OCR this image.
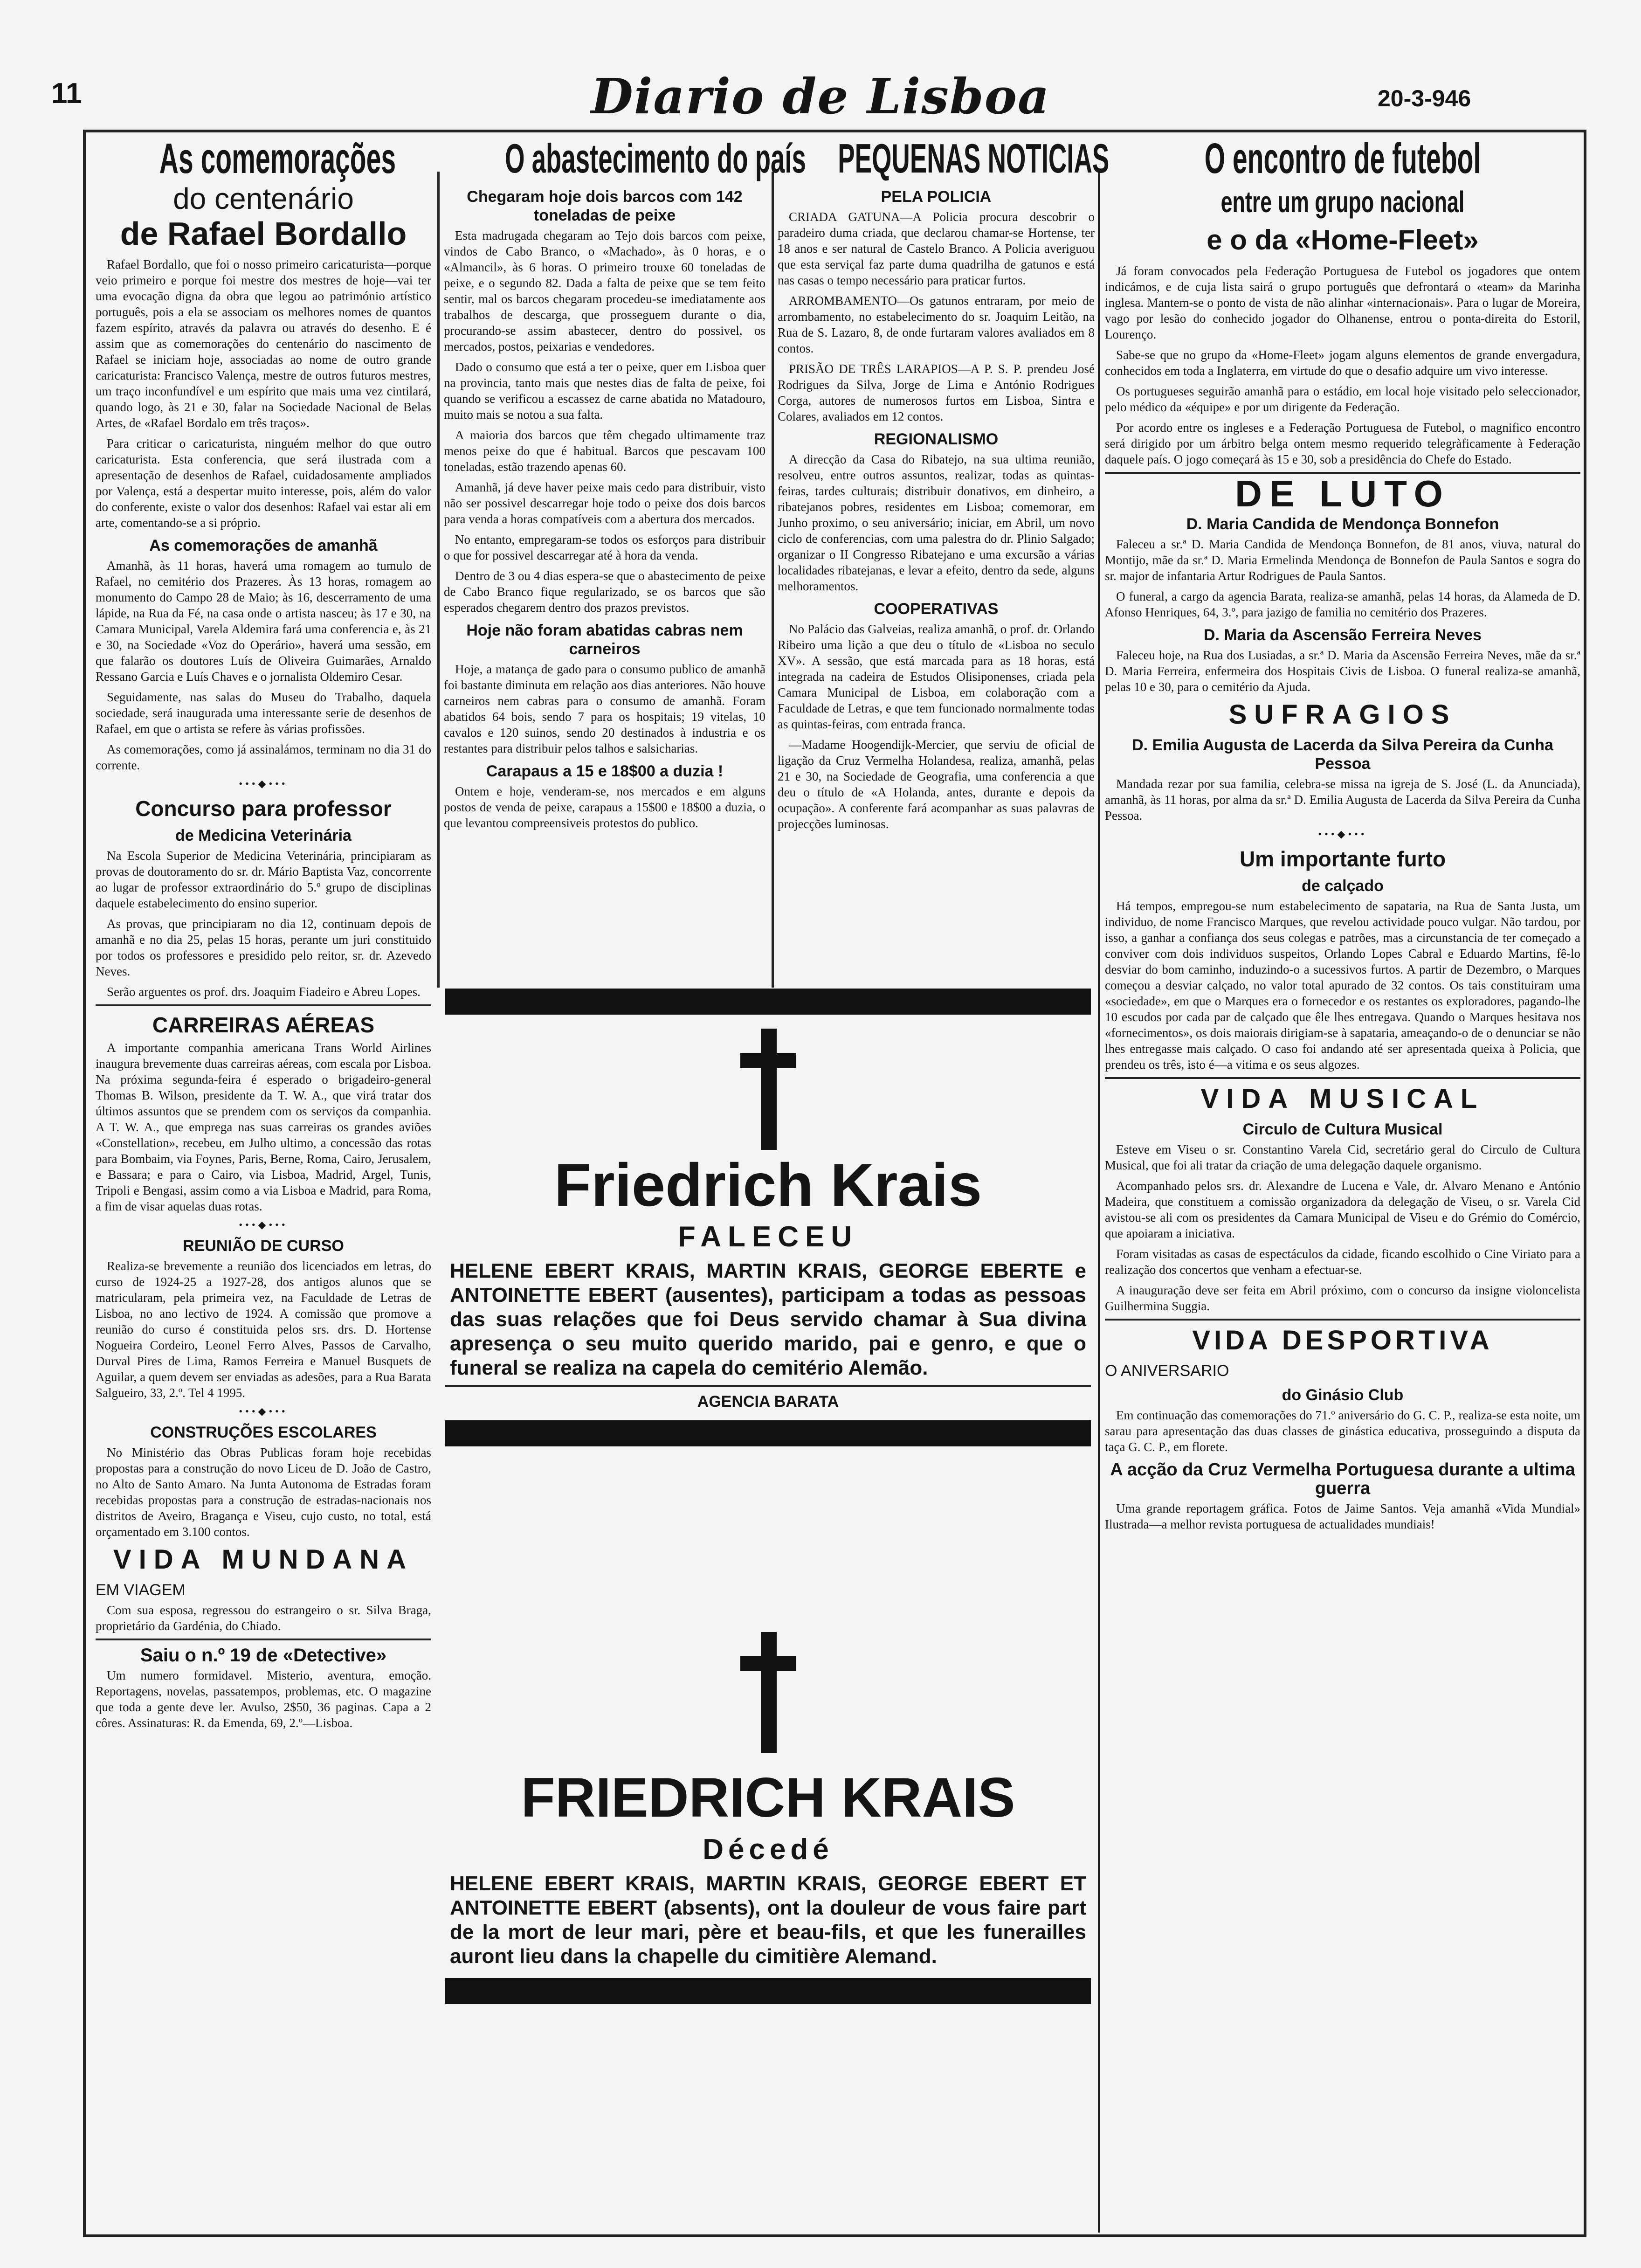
11	Diario de Lisboa	20-3-946
As comemorações
do centenário
de Rafael Bordallo

Rafael Bordallo, que foi o nosso primeiro caricaturista—porque veio primeiro e porque foi mestre dos mestres de hoje—vai ter uma evocação digna da obra que legou ao património artístico português, pois a ela se associam os melhores nomes de quantos fazem espírito, através da palavra ou através do desenho. E é assim que as comemorações do centenário do nascimento de Rafael se iniciam hoje, associadas ao nome de outro grande caricaturista: Francisco Valença, mestre de outros futuros mestres, um traço inconfundível e um espírito que mais uma vez cintilará, quando logo, às 21 e 30, falar na Sociedade Nacional de Belas Artes, de «Rafael Bordalo em três traços».

Para criticar o caricaturista, ninguém melhor do que outro caricaturista. Esta conferencia, que será ilustrada com a apresentação de desenhos de Rafael, cuidadosamente ampliados por Valença, está a despertar muito interesse, pois, além do valor do conferente, existe o valor dos desenhos: Rafael vai estar ali em arte, comentando-se a si próprio.

As comemorações de amanhã

Amanhã, às 11 horas, haverá uma romagem ao tumulo de Rafael, no cemitério dos Prazeres. Às 13 horas, romagem ao monumento do Campo 28 de Maio; às 16, descerramento de uma lápide, na Rua da Fé, na casa onde o artista nasceu; às 17 e 30, na Camara Municipal, Varela Aldemira fará uma conferencia e, às 21 e 30, na Sociedade «Voz do Operário», haverá uma sessão, em que falarão os doutores Luís de Oliveira Guimarães, Arnaldo Ressano Garcia e Luís Chaves e o jornalista Oldemiro Cesar.

Seguidamente, nas salas do Museu do Trabalho, daquela sociedade, será inaugurada uma interessante serie de desenhos de Rafael, em que o artista se refere às várias profissões.

As comemorações, como já assinalámos, terminam no dia 31 do corrente.

•••◆•••
Concurso para professor
de Medicina Veterinária

Na Escola Superior de Medicina Veterinária, principiaram as provas de doutoramento do sr. dr. Mário Baptista Vaz, concorrente ao lugar de professor extraordinário do 5.º grupo de disciplinas daquele estabelecimento do ensino superior.

As provas, que principiaram no dia 12, continuam depois de amanhã e no dia 25, pelas 15 horas, perante um juri constituido por todos os professores e presidido pelo reitor, sr. dr. Azevedo Neves.

Serão arguentes os prof. drs. Joaquim Fiadeiro e Abreu Lopes.

CARREIRAS AÉREAS

A importante companhia americana Trans World Airlines inaugura brevemente duas carreiras aéreas, com escala por Lisboa. Na próxima segunda-feira é esperado o brigadeiro-general Thomas B. Wilson, presidente da T. W. A., que virá tratar dos últimos assuntos que se prendem com os serviços da companhia. A T. W. A., que emprega nas suas carreiras os grandes aviões «Constellation», recebeu, em Julho ultimo, a concessão das rotas para Bombaim, via Foynes, Paris, Berne, Roma, Cairo, Jerusalem, e Bassara; e para o Cairo, via Lisboa, Madrid, Argel, Tunis, Tripoli e Bengasi, assim como a via Lisboa e Madrid, para Roma, a fim de visar aquelas duas rotas.

•••◆•••
REUNIÃO DE CURSO

Realiza-se brevemente a reunião dos licenciados em letras, do curso de 1924-25 a 1927-28, dos antigos alunos que se matricularam, pela primeira vez, na Faculdade de Letras de Lisboa, no ano lectivo de 1924. A comissão que promove a reunião do curso é constituida pelos srs. drs. D. Hortense Nogueira Cordeiro, Leonel Ferro Alves, Passos de Carvalho, Durval Pires de Lima, Ramos Ferreira e Manuel Busquets de Aguilar, a quem devem ser enviadas as adesões, para a Rua Barata Salgueiro, 33, 2.º. Tel 4 1995.

•••◆•••
CONSTRUÇÕES ESCOLARES

No Ministério das Obras Publicas foram hoje recebidas propostas para a construção do novo Liceu de D. João de Castro, no Alto de Santo Amaro. Na Junta Autonoma de Estradas foram recebidas propostas para a construção de estradas-nacionais nos distritos de Aveiro, Bragança e Viseu, cujo custo, no total, está orçamentado em 3.100 contos.

VIDA MUNDANA
EM VIAGEM

Com sua esposa, regressou do estrangeiro o sr. Silva Braga, proprietário da Gardénia, do Chiado.

Saiu o n.º 19 de «Detective»

Um numero formidavel. Misterio, aventura, emoção. Reportagens, novelas, passatempos, problemas, etc. O magazine que toda a gente deve ler. Avulso, 2$50, 36 paginas. Capa a 2 côres. Assinaturas: R. da Emenda, 69, 2.º—Lisboa.

O abastecimento do país
Chegaram hoje dois barcos com 142 toneladas de peixe

Esta madrugada chegaram ao Tejo dois barcos com peixe, vindos de Cabo Branco, o «Machado», às 0 horas, e o «Almancil», às 6 horas. O primeiro trouxe 60 toneladas de peixe, e o segundo 82. Dada a falta de peixe que se tem feito sentir, mal os barcos chegaram procedeu-se imediatamente aos trabalhos de descarga, que prosseguem durante o dia, procurando-se assim abastecer, dentro do possivel, os mercados, postos, peixarias e vendedores.

Dado o consumo que está a ter o peixe, quer em Lisboa quer na provincia, tanto mais que nestes dias de falta de peixe, foi quando se verificou a escassez de carne abatida no Matadouro, muito mais se notou a sua falta.

A maioria dos barcos que têm chegado ultimamente traz menos peixe do que é habitual. Barcos que pescavam 100 toneladas, estão trazendo apenas 60.

Amanhã, já deve haver peixe mais cedo para distribuir, visto não ser possivel descarregar hoje todo o peixe dos dois barcos para venda a horas compatíveis com a abertura dos mercados.

No entanto, empregaram-se todos os esforços para distribuir o que for possivel descarregar até à hora da venda.

Dentro de 3 ou 4 dias espera-se que o abastecimento de peixe de Cabo Branco fique regularizado, se os barcos que são esperados chegarem dentro dos prazos previstos.

Hoje não foram abatidas cabras nem carneiros

Hoje, a matança de gado para o consumo publico de amanhã foi bastante diminuta em relação aos dias anteriores. Não houve carneiros nem cabras para o consumo de amanhã. Foram abatidos 64 bois, sendo 7 para os hospitais; 19 vitelas, 10 cavalos e 120 suinos, sendo 20 destinados à industria e os restantes para distribuir pelos talhos e salsicharias.

Carapaus a 15 e 18$00 a duzia !

Ontem e hoje, venderam-se, nos mercados e em alguns postos de venda de peixe, carapaus a 15$00 e 18$00 a duzia, o que levantou compreensiveis protestos do publico.

PEQUENAS NOTICIAS
PELA POLICIA

CRIADA GATUNA—A Policia procura descobrir o paradeiro duma criada, que declarou chamar-se Hortense, ter 18 anos e ser natural de Castelo Branco. A Policia averiguou que esta serviçal faz parte duma quadrilha de gatunos e está nas casas o tempo necessário para praticar furtos.

ARROMBAMENTO—Os gatunos entraram, por meio de arrombamento, no estabelecimento do sr. Joaquim Leitão, na Rua de S. Lazaro, 8, de onde furtaram valores avaliados em 8 contos.

PRISÃO DE TRÊS LARAPIOS—A P. S. P. prendeu José Rodrigues da Silva, Jorge de Lima e António Rodrigues Corga, autores de numerosos furtos em Lisboa, Sintra e Colares, avaliados em 12 contos.

REGIONALISMO

A direcção da Casa do Ribatejo, na sua ultima reunião, resolveu, entre outros assuntos, realizar, todas as quintas-feiras, tardes culturais; distribuir donativos, em dinheiro, a ribatejanos pobres, residentes em Lisboa; comemorar, em Junho proximo, o seu aniversário; iniciar, em Abril, um novo ciclo de conferencias, com uma palestra do dr. Plinio Salgado; organizar o II Congresso Ribatejano e uma excursão a várias localidades ribatejanas, e levar a efeito, dentro da sede, alguns melhoramentos.

COOPERATIVAS

No Palácio das Galveias, realiza amanhã, o prof. dr. Orlando Ribeiro uma lição a que deu o título de «Lisboa no seculo XV». A sessão, que está marcada para as 18 horas, está integrada na cadeira de Estudos Olisiponenses, criada pela Camara Municipal de Lisboa, em colaboração com a Faculdade de Letras, e que tem funcionado normalmente todas as quintas-feiras, com entrada franca.

—Madame Hoogendijk-Mercier, que serviu de oficial de ligação da Cruz Vermelha Holandesa, realiza, amanhã, pelas 21 e 30, na Sociedade de Geografia, uma conferencia a que deu o título de «A Holanda, antes, durante e depois da ocupação». A conferente fará acompanhar as suas palavras de projecções luminosas.

O encontro de futebol
entre um grupo nacional
e o da «Home-Fleet»

Já foram convocados pela Federação Portuguesa de Futebol os jogadores que ontem indicámos, e de cuja lista sairá o grupo português que defrontará o «team» da Marinha inglesa. Mantem-se o ponto de vista de não alinhar «internacionais». Para o lugar de Moreira, vago por lesão do conhecido jogador do Olhanense, entrou o ponta-direita do Estoril, Lourenço.

Sabe-se que no grupo da «Home-Fleet» jogam alguns elementos de grande envergadura, conhecidos em toda a Inglaterra, em virtude do que o desafio adquire um vivo interesse.

Os portugueses seguirão amanhã para o estádio, em local hoje visitado pelo seleccionador, pelo médico da «équipe» e por um dirigente da Federação.

Por acordo entre os ingleses e a Federação Portuguesa de Futebol, o magnifico encontro será dirigido por um árbitro belga ontem mesmo requerido telegràficamente à Federação daquele país. O jogo começará às 15 e 30, sob a presidência do Chefe do Estado.

DE LUTO
D. Maria Candida de Mendonça Bonnefon

Faleceu a sr.ª D. Maria Candida de Mendonça Bonnefon, de 81 anos, viuva, natural do Montijo, mãe da sr.ª D. Maria Ermelinda Mendonça de Bonnefon de Paula Santos e sogra do sr. major de infantaria Artur Rodrigues de Paula Santos.

O funeral, a cargo da agencia Barata, realiza-se amanhã, pelas 14 horas, da Alameda de D. Afonso Henriques, 64, 3.º, para jazigo de familia no cemitério dos Prazeres.

D. Maria da Ascensão Ferreira Neves

Faleceu hoje, na Rua dos Lusiadas, a sr.ª D. Maria da Ascensão Ferreira Neves, mãe da sr.ª D. Maria Ferreira, enfermeira dos Hospitais Civis de Lisboa. O funeral realiza-se amanhã, pelas 10 e 30, para o cemitério da Ajuda.

SUFRAGIOS
D. Emilia Augusta de Lacerda da Silva Pereira da Cunha Pessoa

Mandada rezar por sua familia, celebra-se missa na igreja de S. José (L. da Anunciada), amanhã, às 11 horas, por alma da sr.ª D. Emilia Augusta de Lacerda da Silva Pereira da Cunha Pessoa.

•••◆•••
Um importante furto
de calçado

Há tempos, empregou-se num estabelecimento de sapataria, na Rua de Santa Justa, um individuo, de nome Francisco Marques, que revelou actividade pouco vulgar. Não tardou, por isso, a ganhar a confiança dos seus colegas e patrões, mas a circunstancia de ter começado a conviver com dois individuos suspeitos, Orlando Lopes Cabral e Eduardo Martins, fê-lo desviar do bom caminho, induzindo-o a sucessivos furtos. A partir de Dezembro, o Marques começou a desviar calçado, no valor total apurado de 32 contos. Os tais constituiram uma «sociedade», em que o Marques era o fornecedor e os restantes os exploradores, pagando-lhe 10 escudos por cada par de calçado que êle lhes entregava. Quando o Marques hesitava nos «fornecimentos», os dois maiorais dirigiam-se à sapataria, ameaçando-o de o denunciar se não lhes entregasse mais calçado. O caso foi andando até ser apresentada queixa à Policia, que prendeu os três, isto é—a vitima e os seus algozes.

VIDA MUSICAL
Circulo de Cultura Musical

Esteve em Viseu o sr. Constantino Varela Cid, secretário geral do Circulo de Cultura Musical, que foi ali tratar da criação de uma delegação daquele organismo.

Acompanhado pelos srs. dr. Alexandre de Lucena e Vale, dr. Alvaro Menano e António Madeira, que constituem a comissão organizadora da delegação de Viseu, o sr. Varela Cid avistou-se ali com os presidentes da Camara Municipal de Viseu e do Grémio do Comércio, que apoiaram a iniciativa.

Foram visitadas as casas de espectáculos da cidade, ficando escolhido o Cine Viriato para a realização dos concertos que venham a efectuar-se.

A inauguração deve ser feita em Abril próximo, com o concurso da insigne violoncelista Guilhermina Suggia.

VIDA DESPORTIVA
O ANIVERSARIO
do Ginásio Club

Em continuação das comemorações do 71.º aniversário do G. C. P., realiza-se esta noite, um sarau para apresentação das duas classes de ginástica educativa, prosseguindo a disputa da taça G. C. P., em florete.

A acção da Cruz Vermelha Portuguesa durante a ultima guerra

Uma grande reportagem gráfica. Fotos de Jaime Santos. Veja amanhã «Vida Mundial» Ilustrada—a melhor revista portuguesa de actualidades mundiais!

Friedrich Krais
FALECEU
HELENE EBERT KRAIS, MARTIN KRAIS, GEORGE EBERTE e ANTOINETTE EBERT (ausentes), participam a todas as pessoas das suas relações que foi Deus servido chamar à Sua divina apresença o seu muito querido marido, pai e genro, e que o funeral se realiza na capela do cemitério Alemão.
AGENCIA BARATA
FRIEDRICH KRAIS
Décedé
HELENE EBERT KRAIS, MARTIN KRAIS, GEORGE EBERT ET ANTOINETTE EBERT (absents), ont la douleur de vous faire part de la mort de leur mari, père et beau-fils, et que les funerailles auront lieu dans la chapelle du cimitière Alemand.
